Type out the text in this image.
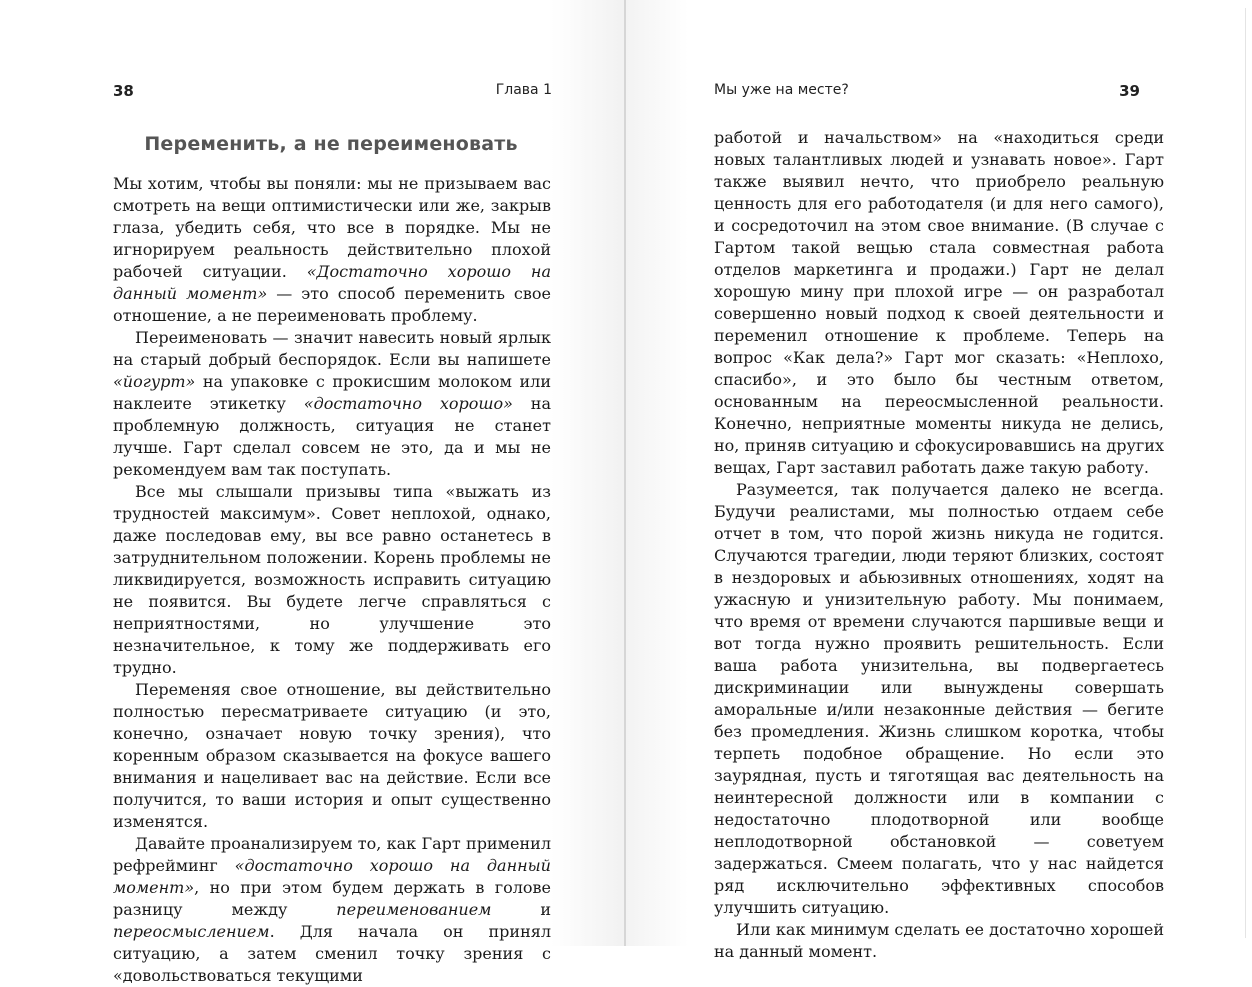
38	Глава 1
Переменить, а не переименовать

Мы хотим, чтобы вы поняли: мы не призываем вас смотреть на вещи оптимистически или же, закрыв глаза, убедить себя, что все в порядке. Мы не игнорируем реальность действительно плохой рабочей ситуации. «Достаточно хорошо на данный момент» — это способ переменить свое отношение, а не переименовать проблему.

Переименовать — значит навесить новый ярлык на старый добрый беспорядок. Если вы напишете «йогурт» на упаковке с прокисшим молоком или наклеите этикетку «достаточно хорошо» на проблемную должность, ситуация не станет лучше. Гарт сделал совсем не это, да и мы не рекомендуем вам так поступать.

Все мы слышали призывы типа «выжать из трудностей максимум». Совет неплохой, однако, даже последовав ему, вы все равно останетесь в затруднительном положении. Корень проблемы не ликвидируется, возможность исправить ситуацию не появится. Вы будете легче справляться с неприятностями, но улучшение это незначительное, к тому же поддерживать его трудно.

Переменяя свое отношение, вы действительно полностью пересматриваете ситуацию (и это, конечно, означает новую точку зрения), что коренным образом сказывается на фокусе вашего внимания и нацеливает вас на действие. Если все получится, то ваши история и опыт существенно изменятся.

Давайте проанализируем то, как Гарт применил рефрейминг «достаточно хорошо на данный момент», но при этом будем держать в голове разницу между переименованием и переосмыслением. Для начала он принял ситуацию, а затем сменил точку зрения с «довольствоваться текущими

Мы уже на месте?	39

работой и начальством» на «находиться среди новых талантливых людей и узнавать новое». Гарт также выявил нечто, что приобрело реальную ценность для его работодателя (и для него самого), и сосредоточил на этом свое внимание. (В случае с Гартом такой вещью стала совместная работа отделов маркетинга и продажи.) Гарт не делал хорошую мину при плохой игре — он разработал совершенно новый подход к своей деятельности и переменил отношение к проблеме. Теперь на вопрос «Как дела?» Гарт мог сказать: «Неплохо, спасибо», и это было бы честным ответом, основанным на переосмысленной реальности. Конечно, неприятные моменты никуда не делись, но, приняв ситуацию и сфокусировавшись на других вещах, Гарт заставил работать даже такую работу.

Разумеется, так получается далеко не всегда. Будучи реалистами, мы полностью отдаем себе отчет в том, что порой жизнь никуда не годится. Случаются трагедии, люди теряют близких, состоят в нездоровых и абьюзивных отношениях, ходят на ужасную и унизительную работу. Мы понимаем, что время от времени случаются паршивые вещи и вот тогда нужно проявить решительность. Если ваша работа унизительна, вы подвергаетесь дискриминации или вынуждены совершать аморальные и/или незаконные действия — бегите без промедления. Жизнь слишком коротка, чтобы терпеть подобное обращение. Но если это заурядная, пусть и тяготящая вас деятельность на неинтересной должности или в компании с недостаточно плодотворной или вообще неплодотворной обстановкой — советуем задержаться. Смеем полагать, что у нас найдется ряд исключительно эффективных способов улучшить ситуацию.

Или как минимум сделать ее достаточно хорошей на данный момент.
